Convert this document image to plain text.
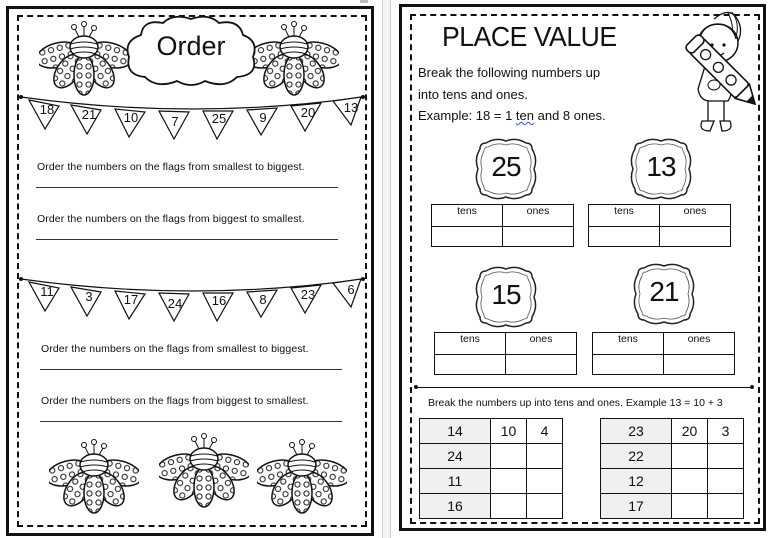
Order
18	21	10	7	25	9	20	13
Order the numbers on the flags from smallest to biggest.
Order the numbers on the flags from biggest to smallest.
11	3	17	24	16	8	23	6
Order the numbers on the flags from smallest to biggest.
Order the numbers on the flags from biggest to smallest.
PLACE VALUE
Break the following numbers up
into tens and ones.
Example: 18 = 1 ten and 8 ones.
25
tens	ones

13
tens	ones

15
tens	ones

21
tens	ones

Break the numbers up into tens and ones. Example 13 = 10 + 3
14	10	4
24		
11		
16		
23	20	3
22		
12		
17		
